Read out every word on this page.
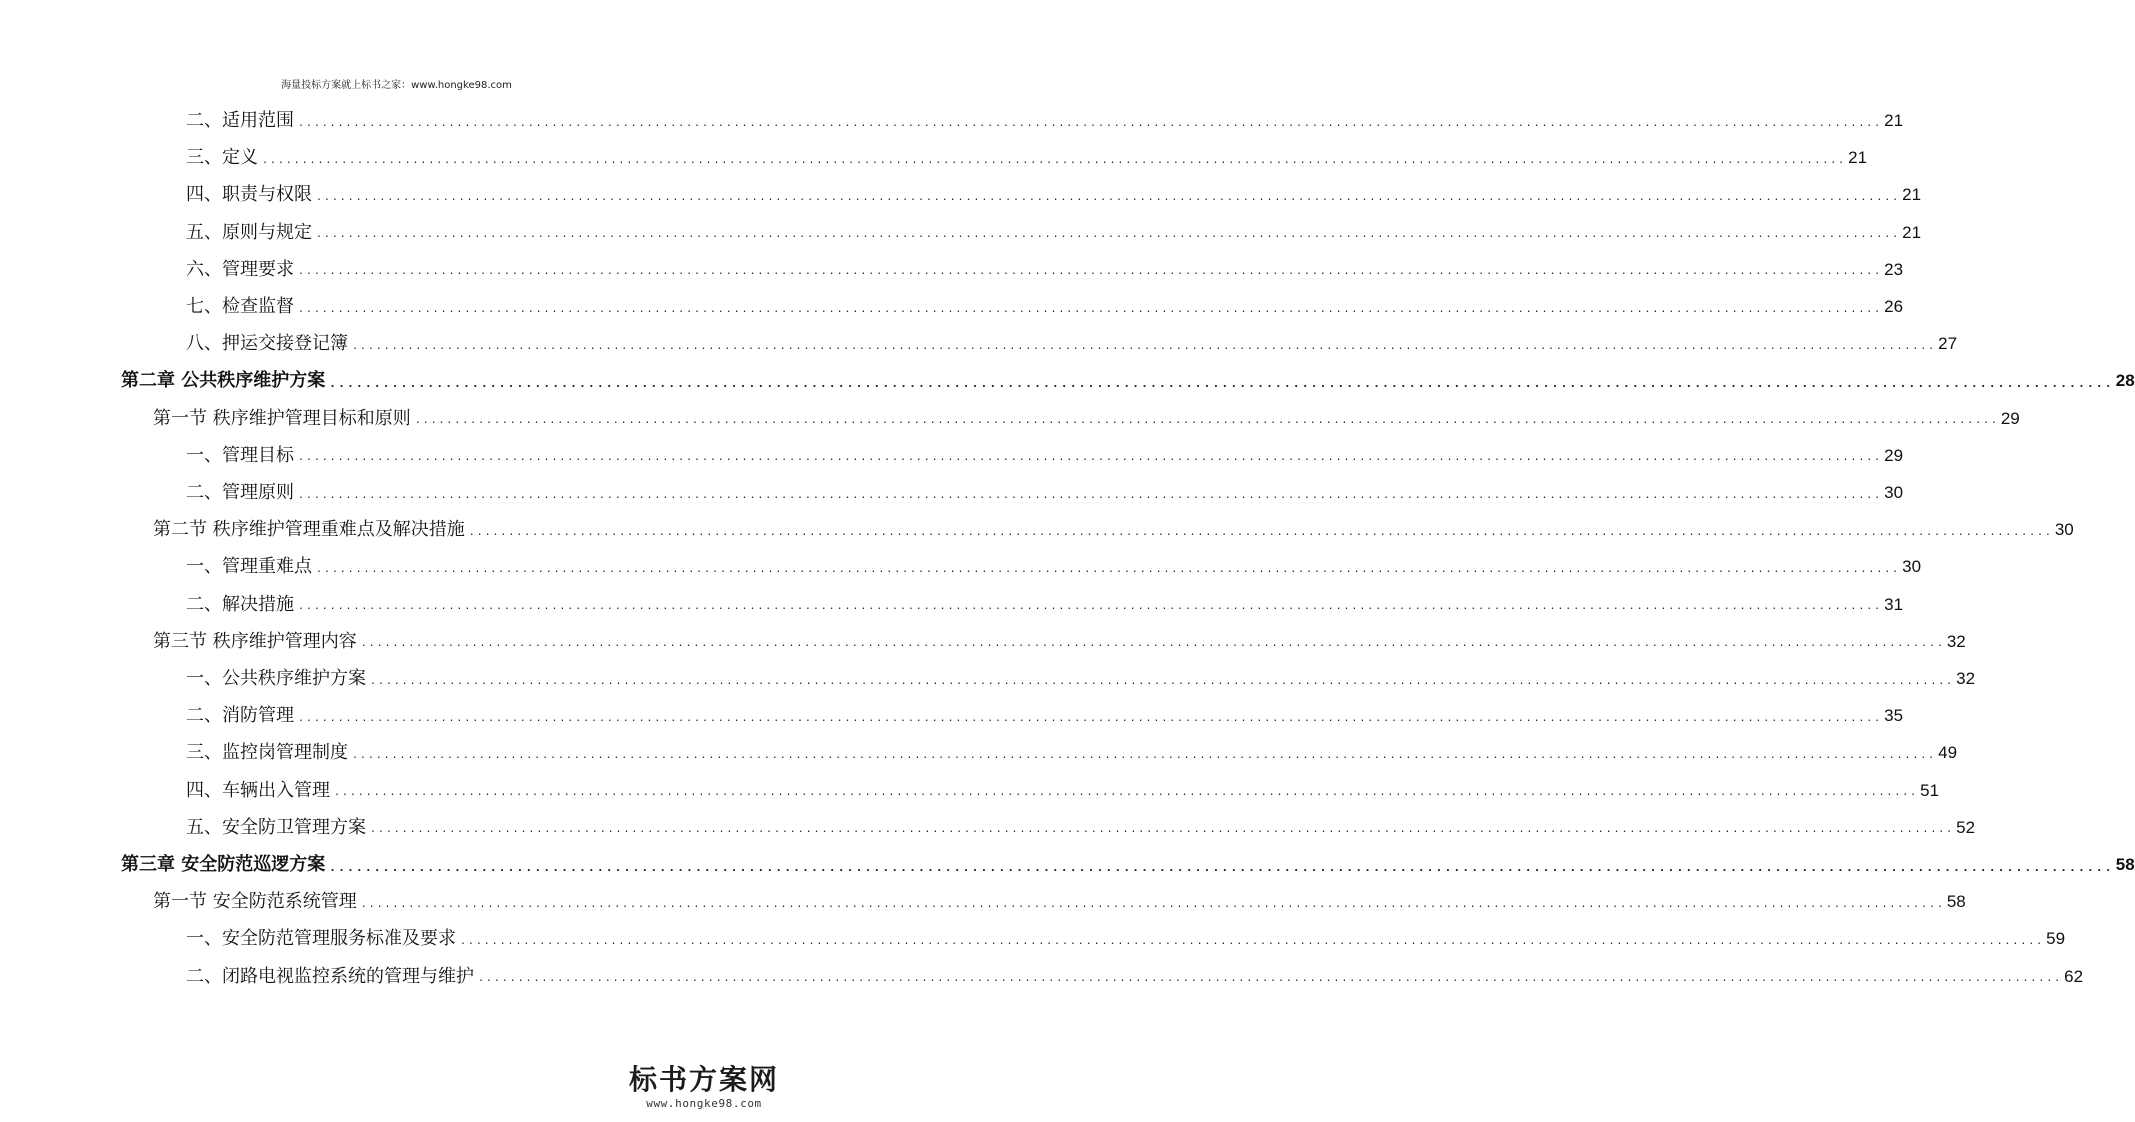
海量投标方案就上标书之家：www.hongke98.com
二、适用范围 ........................................................................................................................................................................................................ 21
三、定义 ........................................................................................................................................................................................................ 21
四、职责与权限 ........................................................................................................................................................................................................ 21
五、原则与规定 ........................................................................................................................................................................................................ 21
六、管理要求 ........................................................................................................................................................................................................ 23
七、检查监督 ........................................................................................................................................................................................................ 26
八、押运交接登记簿 ........................................................................................................................................................................................................ 27
第二章 公共秩序维护方案 ........................................................................................................................................................................................................ 28
第一节 秩序维护管理目标和原则 ........................................................................................................................................................................................................ 29
一、管理目标 ........................................................................................................................................................................................................ 29
二、管理原则 ........................................................................................................................................................................................................ 30
第二节 秩序维护管理重难点及解决措施 ........................................................................................................................................................................................................ 30
一、管理重难点 ........................................................................................................................................................................................................ 30
二、解决措施 ........................................................................................................................................................................................................ 31
第三节 秩序维护管理内容 ........................................................................................................................................................................................................ 32
一、公共秩序维护方案 ........................................................................................................................................................................................................ 32
二、消防管理 ........................................................................................................................................................................................................ 35
三、监控岗管理制度 ........................................................................................................................................................................................................ 49
四、车辆出入管理 ........................................................................................................................................................................................................ 51
五、安全防卫管理方案 ........................................................................................................................................................................................................ 52
第三章 安全防范巡逻方案 ........................................................................................................................................................................................................ 58
第一节 安全防范系统管理 ........................................................................................................................................................................................................ 58
一、安全防范管理服务标准及要求 ........................................................................................................................................................................................................ 59
二、闭路电视监控系统的管理与维护 ........................................................................................................................................................................................................ 62
标书方案网
www.hongke98.com
